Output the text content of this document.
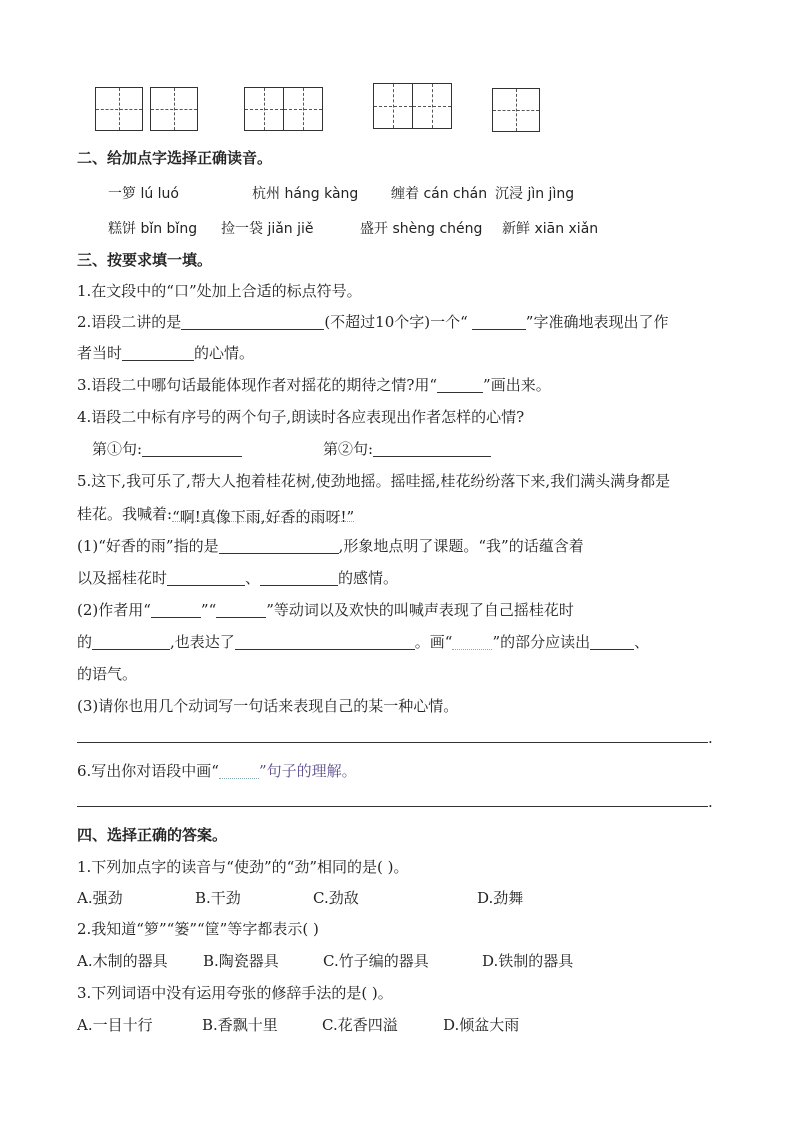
二、给加点字选择正确读音。
一箩 lú luó	杭州 háng kàng 缠着 cán chán 沉浸 jìn jìng
糕饼 bǐn bǐng 捡一袋 jiǎn jiě	盛开 shèng chéng 新鲜 xiān xiǎn
三、按要求填一填。
1.在文段中的“口”处加上合适的标点符号。
2.语段二讲的是	(不超过10个字)一个“	”字准确地表现出了作
者当时	的心情。
3.语段二中哪句话最能体现作者对摇花的期待之情?用“	”画出来。
4.语段二中标有序号的两个句子,朗读时各应表现出作者怎样的心情?
第①句:	第②句:
5.这下,我可乐了,帮大人抱着桂花树,使劲地摇。摇哇摇,桂花纷纷落下来,我们满头满身都是
桂花。我喊着:“啊!真像下雨,好香的雨呀!”
(1)“好香的雨”指的是	,形象地点明了课题。“我”的话蕴含着
以及摇桂花时	、	的感情。
(2)作者用“	”“	”等动词以及欢快的叫喊声表现了自己摇桂花时
的	,也表达了	。画“	”的部分应读出	、
的语气。
(3)请你也用几个动词写一句话来表现自己的某一种心情。
.
6.写出你对语段中画“	”句子的理解。
.
四、选择正确的答案。
1.下列加点字的读音与“使劲”的“劲”相同的是( )。
A.强劲	B.干劲	C.劲敌	D.劲舞
2.我知道“箩”“篓”“筐”等字都表示( )
A.木制的器具 B.陶瓷器具	C.竹子编的器具	D.铁制的器具
3.下列词语中没有运用夸张的修辞手法的是( )。
A.一目十行	B.香飘十里	C.花香四溢	D.倾盆大雨
